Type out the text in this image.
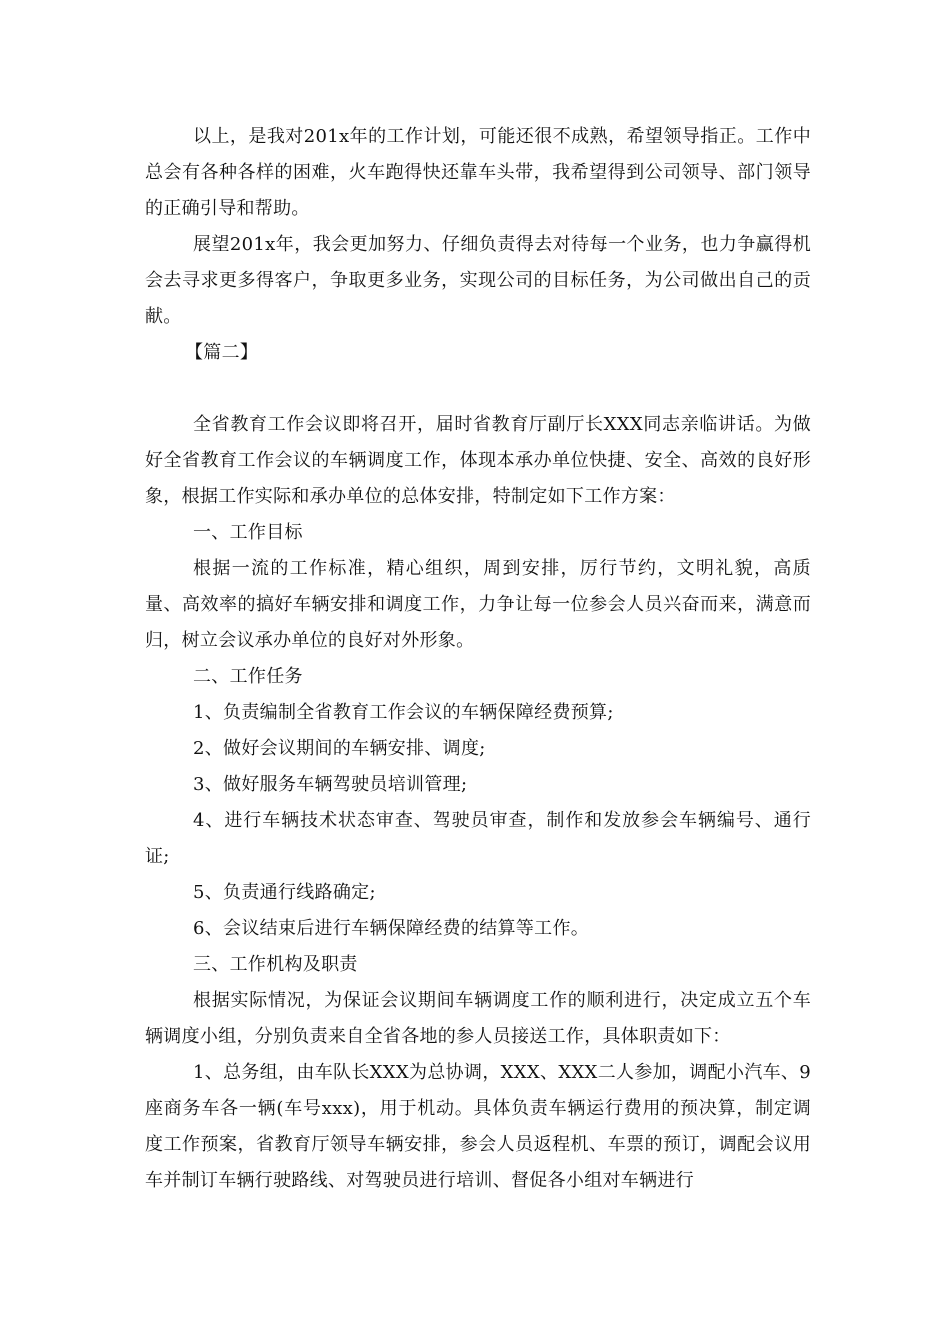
以上，是我对201x年的工作计划，可能还很不成熟，希望领导指正。工作中总会有各种各样的困难，火车跑得快还靠车头带，我希望得到公司领导、部门领导的正确引导和帮助。

展望201x年，我会更加努力、仔细负责得去对待每一个业务，也力争赢得机会去寻求更多得客户，争取更多业务，实现公司的目标任务，为公司做出自己的贡献。

【篇二】

全省教育工作会议即将召开，届时省教育厅副厅长XXX同志亲临讲话。为做好全省教育工作会议的车辆调度工作，体现本承办单位快捷、安全、高效的良好形象，根据工作实际和承办单位的总体安排，特制定如下工作方案：

一、工作目标

根据一流的工作标准，精心组织，周到安排，厉行节约，文明礼貌，高质量、高效率的搞好车辆安排和调度工作，力争让每一位参会人员兴奋而来，满意而归，树立会议承办单位的良好对外形象。

二、工作任务

1、负责编制全省教育工作会议的车辆保障经费预算;

2、做好会议期间的车辆安排、调度;

3、做好服务车辆驾驶员培训管理;

4、进行车辆技术状态审查、驾驶员审查，制作和发放参会车辆编号、通行证;

5、负责通行线路确定;

6、会议结束后进行车辆保障经费的结算等工作。

三、工作机构及职责

根据实际情况，为保证会议期间车辆调度工作的顺利进行，决定成立五个车辆调度小组，分别负责来自全省各地的参人员接送工作，具体职责如下：

1、总务组，由车队长XXX为总协调，XXX、XXX二人参加，调配小汽车、9座商务车各一辆(车号xxx)，用于机动。具体负责车辆运行费用的预决算，制定调度工作预案，省教育厅领导车辆安排，参会人员返程机、车票的预订，调配会议用车并制订车辆行驶路线、对驾驶员进行培训、督促各小组对车辆进行
